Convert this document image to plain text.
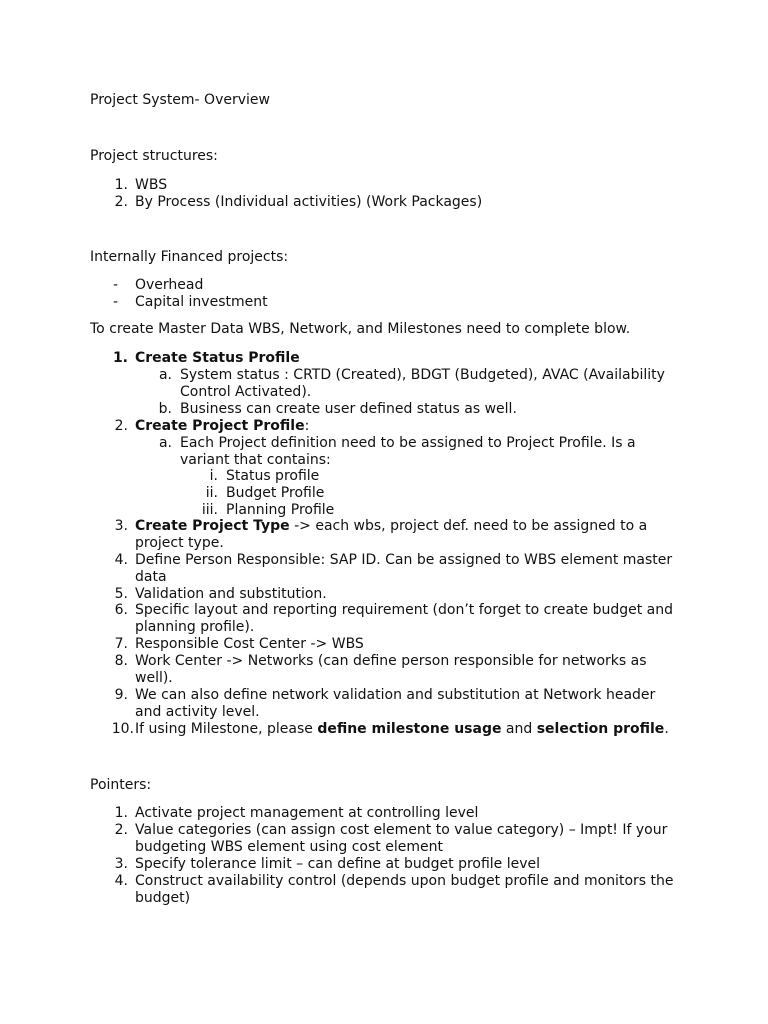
Project System- Overview
Project structures:
1. WBS
2. By Process (Individual activities) (Work Packages)
Internally Financed projects:
- Overhead
- Capital investment
To create Master Data WBS, Network, and Milestones need to complete blow.
1. Create Status Profile
a. System status : CRTD (Created), BDGT (Budgeted), AVAC (Availability
Control Activated).
b. Business can create user defined status as well.
2. Create Project Profile:
a. Each Project definition need to be assigned to Project Profile. Is a
variant that contains:
i. Status profile
ii. Budget Profile
iii. Planning Profile
3. Create Project Type -> each wbs, project def. need to be assigned to a
project type.
4. Define Person Responsible: SAP ID. Can be assigned to WBS element master
data
5. Validation and substitution.
6. Specific layout and reporting requirement (don’t forget to create budget and
planning profile).
7. Responsible Cost Center -> WBS
8. Work Center -> Networks (can define person responsible for networks as
well).
9. We can also define network validation and substitution at Network header
and activity level.
10. If using Milestone, please define milestone usage and selection profile.
Pointers:
1. Activate project management at controlling level
2. Value categories (can assign cost element to value category) – Impt! If your
budgeting WBS element using cost element
3. Specify tolerance limit – can define at budget profile level
4. Construct availability control (depends upon budget profile and monitors the
budget)
